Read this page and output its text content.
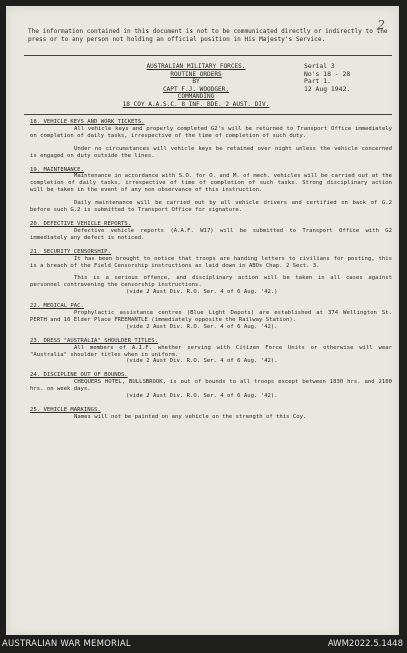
2
The information contained in this document is not to be communicated directly or indirectly to the press or to any person not holding an official position in His Majesty's Service.
AUSTRALIAN MILITARY FORCES.
ROUTINE ORDERS
BY
CAPT F.J. WOODGER,
COMMANDING
18 COY A.A.S.C. 8 INF. BDE. 2 AUST. DIV.
Serial 3
No's 18 - 28
Part 1.
12 Aug 1942.

18. VEHICLE KEYS AND WORK TICKETS.

All vehicle keys and properly completed G2's will be returned to Transport Office immediately on completion of daily tasks, irrespective of the time of completion of such duty.

Under no circumstances will vehicle keys be retained over night unless the vehicle concerned is engaged on duty outside the lines.

19. MAINTENANCE.

Maintenance in accordance with S.O. for O. and M. of mech. vehicles will be carried out at the completion of daily tasks, irrespective of time of completion of such tasks. Strong disciplinary action will be taken in the event of any non observance of this instruction.

Daily maintenance will be carried out by all vehicle drivers and certified on back of G.2 before such G.2 is submitted to Transport Office for signature.

20. DEFECTIVE VEHICLE REPORTS.

Defective vehicle reports (A.A.F. W17) will be submitted to Transport Office with G2 immediately any defect is noticed.

21. SECURITY CENSORSHIP.

It has been brought to notice that troops are handing letters to civilians for posting, this is a breach of the Field Censorship instructions as laid down in ABOs Chap. 2 Sect. 3.

This is a serious offence, and disciplinary action will be taken in all cases against personnel contravening the censorship instructions.

(vide 2 Aust Div. R.O. Ser. 4 of 6 Aug. '42.)

22. MEDICAL PAC.

Prophylactic assistance centres (Blue Light Depots) are established at 374 Wellington St. PERTH and 10 Elder Place FREEMANTLE (immediately opposite the Railway Station).

(vide 2 Aust Div. R.O. Ser. 4 of 6 Aug. '42).

23. DRESS "AUSTRALIA" SHOULDER TITLES.

All members of A.I.F. whether serving with Citizen Force Units or otherwise will wear "Australia" shoulder titles when in uniform.

(vide 2 Aust Div. R.O. Ser. 4 of 6 Aug. '42).

24. DISCIPLINE OUT OF BOUNDS.

CHEQUERS HOTEL, BULLSBROOK, is out of bounds to all troops except between 1830 hrs. and 2100 hrs. on week days.

(vide 2 Aust Div. R.O. Ser. 4 of 6 Aug. '42).

25. VEHICLE MARKINGS.

Names will not be painted on any vehicle on the strength of this Coy.

AUSTRALIAN WAR MEMORIAL	AWM2022.5.1448
